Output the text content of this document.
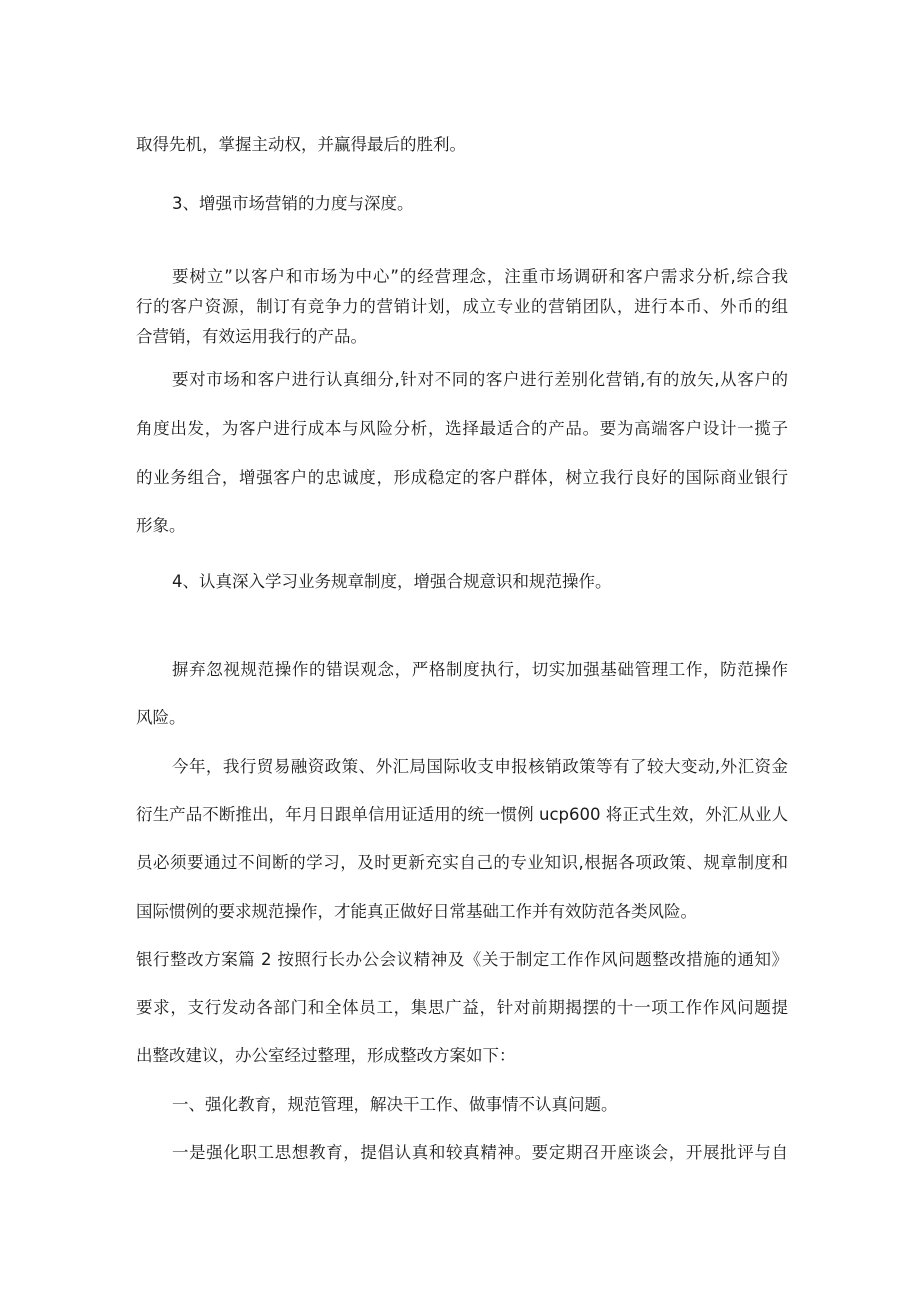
取得先机，掌握主动权，并赢得最后的胜利。
3、增强市场营销的力度与深度。
要树立”以客户和市场为中心”的经营理念，注重市场调研和客户需求分析,综合我
行的客户资源，制订有竞争力的营销计划，成立专业的营销团队，进行本币、外币的组
合营销，有效运用我行的产品。
要对市场和客户进行认真细分,针对不同的客户进行差别化营销,有的放矢,从客户的
角度出发，为客户进行成本与风险分析，选择最适合的产品。要为高端客户设计一揽子
的业务组合，增强客户的忠诚度，形成稳定的客户群体，树立我行良好的国际商业银行
形象。
4、认真深入学习业务规章制度，增强合规意识和规范操作。
摒弃忽视规范操作的错误观念，严格制度执行，切实加强基础管理工作，防范操作
风险。
今年，我行贸易融资政策、外汇局国际收支申报核销政策等有了较大变动,外汇资金
衍生产品不断推出，年月日跟单信用证适用的统一惯例 ucp600 将正式生效，外汇从业人
员必须要通过不间断的学习，及时更新充实自己的专业知识,根据各项政策、规章制度和
国际惯例的要求规范操作，才能真正做好日常基础工作并有效防范各类风险。
银行整改方案篇 2 按照行长办公会议精神及《关于制定工作作风问题整改措施的通知》
要求，支行发动各部门和全体员工，集思广益，针对前期揭摆的十一项工作作风问题提
出整改建议，办公室经过整理，形成整改方案如下：
一、强化教育，规范管理，解决干工作、做事情不认真问题。
一是强化职工思想教育，提倡认真和较真精神。要定期召开座谈会，开展批评与自
